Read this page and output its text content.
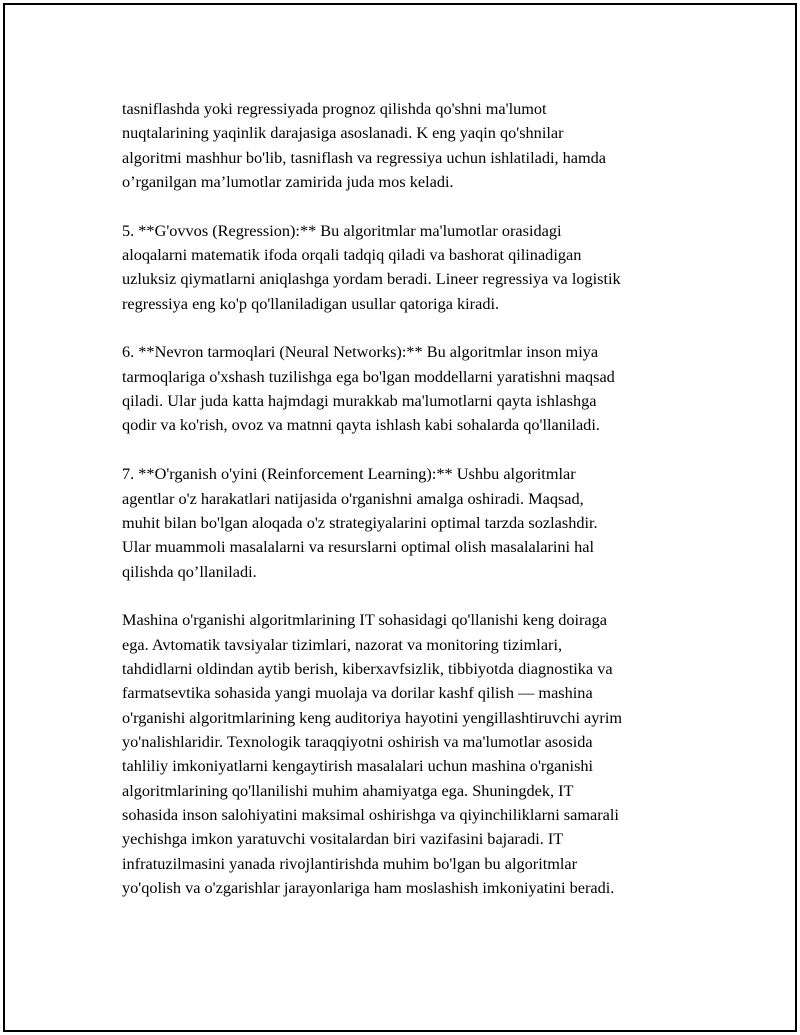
tasniflashda yoki regressiyada prognoz qilishda qo'shni ma'lumot
nuqtalarining yaqinlik darajasiga asoslanadi. K eng yaqin qo'shnilar
algoritmi mashhur bo'lib, tasniflash va regressiya uchun ishlatiladi, hamda
o’rganilgan ma’lumotlar zamirida juda mos keladi.

5. **G'ovvos (Regression):** Bu algoritmlar ma'lumotlar orasidagi
aloqalarni matematik ifoda orqali tadqiq qiladi va bashorat qilinadigan
uzluksiz qiymatlarni aniqlashga yordam beradi. Lineer regressiya va logistik
regressiya eng ko'p qo'llaniladigan usullar qatoriga kiradi.

6. **Nevron tarmoqlari (Neural Networks):** Bu algoritmlar inson miya
tarmoqlariga o'xshash tuzilishga ega bo'lgan moddellarni yaratishni maqsad
qiladi. Ular juda katta hajmdagi murakkab ma'lumotlarni qayta ishlashga
qodir va ko'rish, ovoz va matnni qayta ishlash kabi sohalarda qo'llaniladi.

7. **O'rganish o'yini (Reinforcement Learning):** Ushbu algoritmlar
agentlar o'z harakatlari natijasida o'rganishni amalga oshiradi. Maqsad,
muhit bilan bo'lgan aloqada o'z strategiyalarini optimal tarzda sozlashdir.
Ular muammoli masalalarni va resurslarni optimal olish masalalarini hal
qilishda qo’llaniladi.

Mashina o'rganishi algoritmlarining IT sohasidagi qo'llanishi keng doiraga
ega. Avtomatik tavsiyalar tizimlari, nazorat va monitoring tizimlari,
tahdidlarni oldindan aytib berish, kiberxavfsizlik, tibbiyotda diagnostika va
farmatsevtika sohasida yangi muolaja va dorilar kashf qilish — mashina
o'rganishi algoritmlarining keng auditoriya hayotini yengillashtiruvchi ayrim
yo'nalishlaridir. Texnologik taraqqiyotni oshirish va ma'lumotlar asosida
tahliliy imkoniyatlarni kengaytirish masalalari uchun mashina o'rganishi
algoritmlarining qo'llanilishi muhim ahamiyatga ega. Shuningdek, IT
sohasida inson salohiyatini maksimal oshirishga va qiyinchiliklarni samarali
yechishga imkon yaratuvchi vositalardan biri vazifasini bajaradi. IT
infratuzilmasini yanada rivojlantirishda muhim bo'lgan bu algoritmlar
yo'qolish va o'zgarishlar jarayonlariga ham moslashish imkoniyatini beradi.
